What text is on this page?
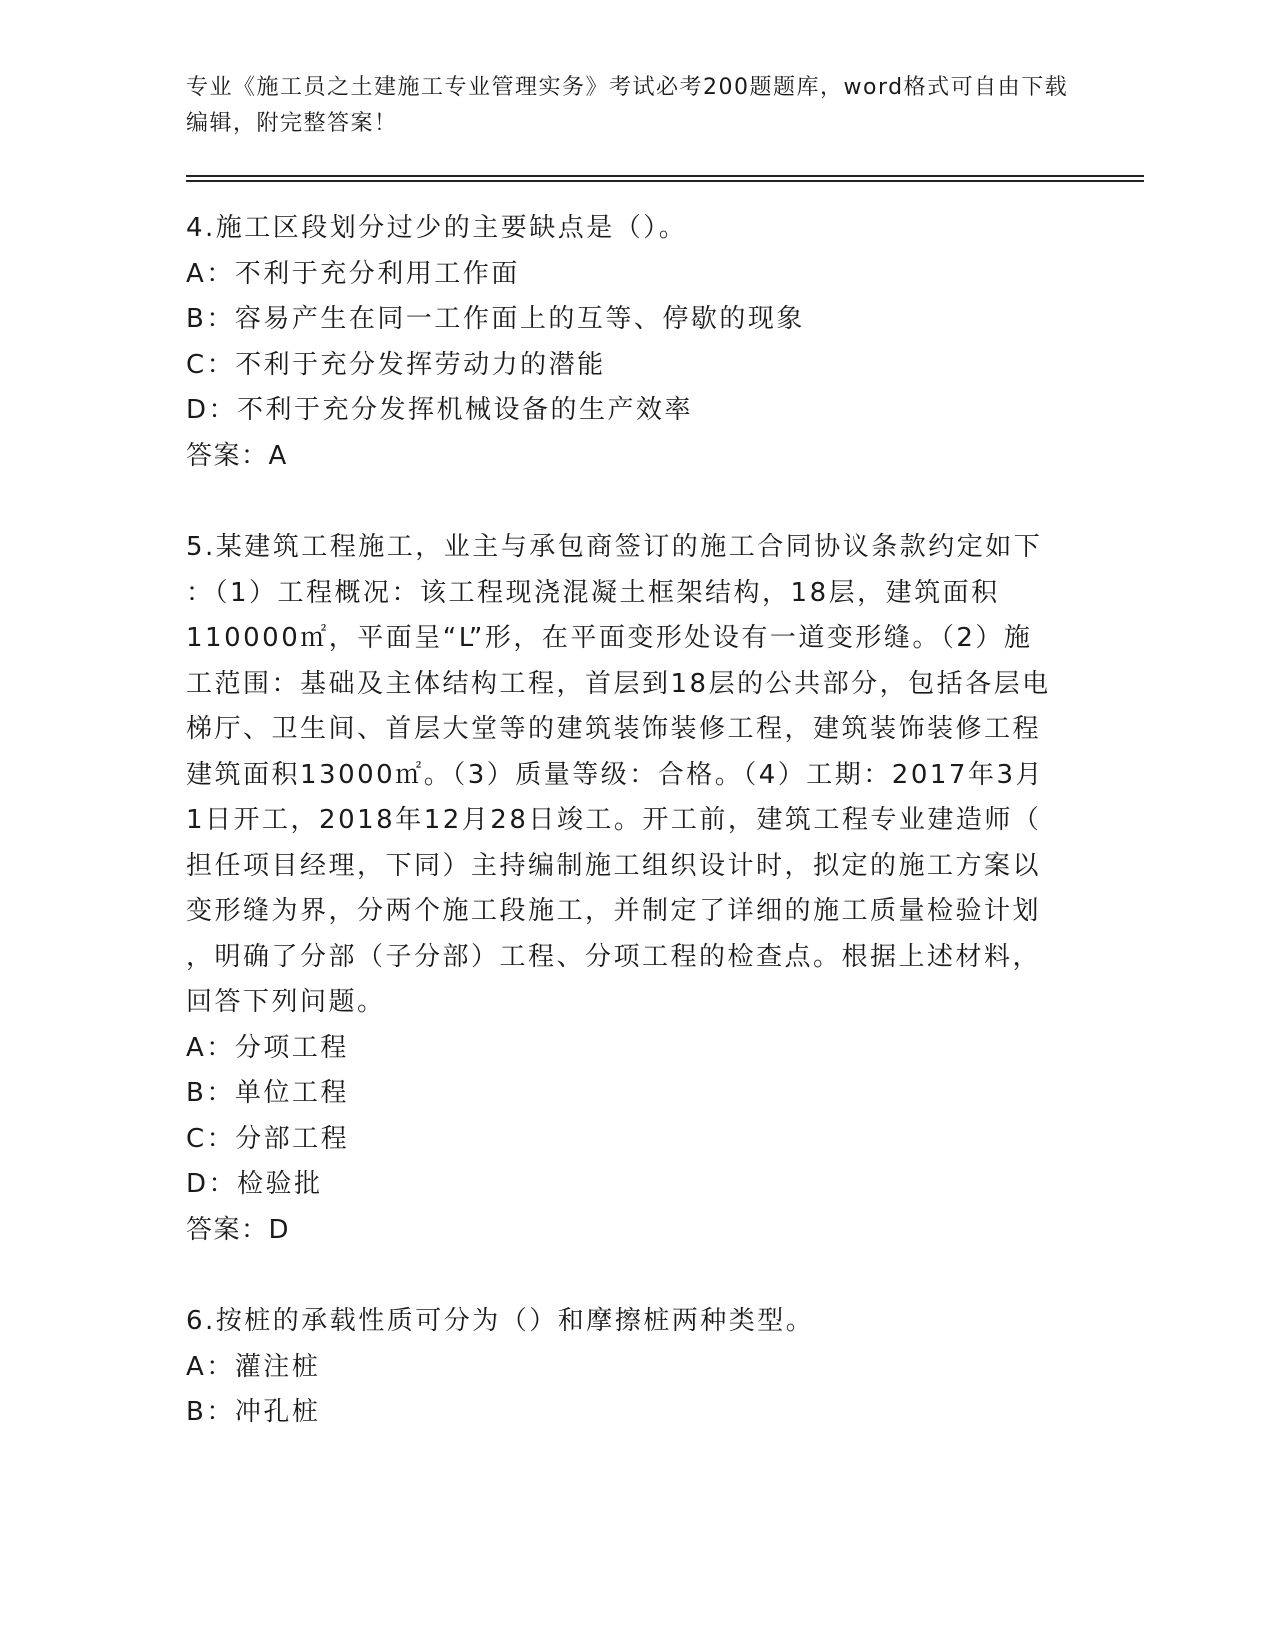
专业《施工员之土建施工专业管理实务》考试必考200题题库，word格式可自由下载编辑，附完整答案！
4.施工区段划分过少的主要缺点是（）。
A：不利于充分利用工作面
B：容易产生在同一工作面上的互等、停歇的现象
C：不利于充分发挥劳动力的潜能
D：不利于充分发挥机械设备的生产效率
答案：A
5.某建筑工程施工，业主与承包商签订的施工合同协议条款约定如下
：（1）工程概况：该工程现浇混凝土框架结构，18层，建筑面积
110000㎡，平面呈“L”形，在平面变形处设有一道变形缝。（2）施
工范围：基础及主体结构工程，首层到18层的公共部分，包括各层电
梯厅、卫生间、首层大堂等的建筑装饰装修工程，建筑装饰装修工程
建筑面积13000㎡。（3）质量等级：合格。（4）工期：2017年3月
1日开工，2018年12月28日竣工。开工前，建筑工程专业建造师（
担任项目经理，下同）主持编制施工组织设计时，拟定的施工方案以
变形缝为界，分两个施工段施工，并制定了详细的施工质量检验计划
，明确了分部（子分部）工程、分项工程的检查点。根据上述材料，
回答下列问题。
A：分项工程
B：单位工程
C：分部工程
D：检验批
答案：D
6.按桩的承载性质可分为（）和摩擦桩两种类型。
A：灌注桩
B：冲孔桩
